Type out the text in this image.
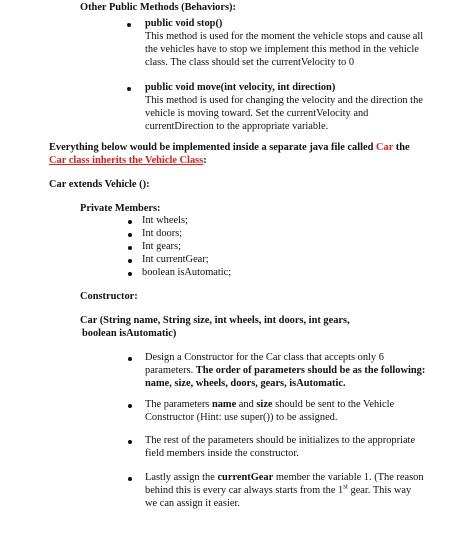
Other Public Methods (Behaviors):
public void stop()
This method is used for the moment the vehicle stops and cause all
the vehicles have to stop we implement this method in the vehicle
class. The class should set the currentVelocity to 0
public void move(int velocity, int direction)
This method is used for changing the velocity and the direction the
vehicle is moving toward. Set the currentVelocity and
currentDirection to the appropriate variable.
Everything below would be implemented inside a separate java file called Car the
Car class inherits the Vehicle Class:
Car extends Vehicle ():
Private Members:
Int wheels;
Int doors;
Int gears;
Int currentGear;
boolean isAutomatic;
Constructor:
Car (String name, String size, int wheels, int doors, int gears,
boolean isAutomatic)
Design a Constructor for the Car class that accepts only 6
parameters. The order of parameters should be as the following:
name, size, wheels, doors, gears, isAutomatic.
The parameters name and size should be sent to the Vehicle
Constructor (Hint: use super()) to be assigned.
The rest of the parameters should be initializes to the appropriate
field members inside the constructor.
Lastly assign the currentGear member the variable 1. (The reason
behind this is every car always starts from the 1st gear. This way
we can assign it easier.
